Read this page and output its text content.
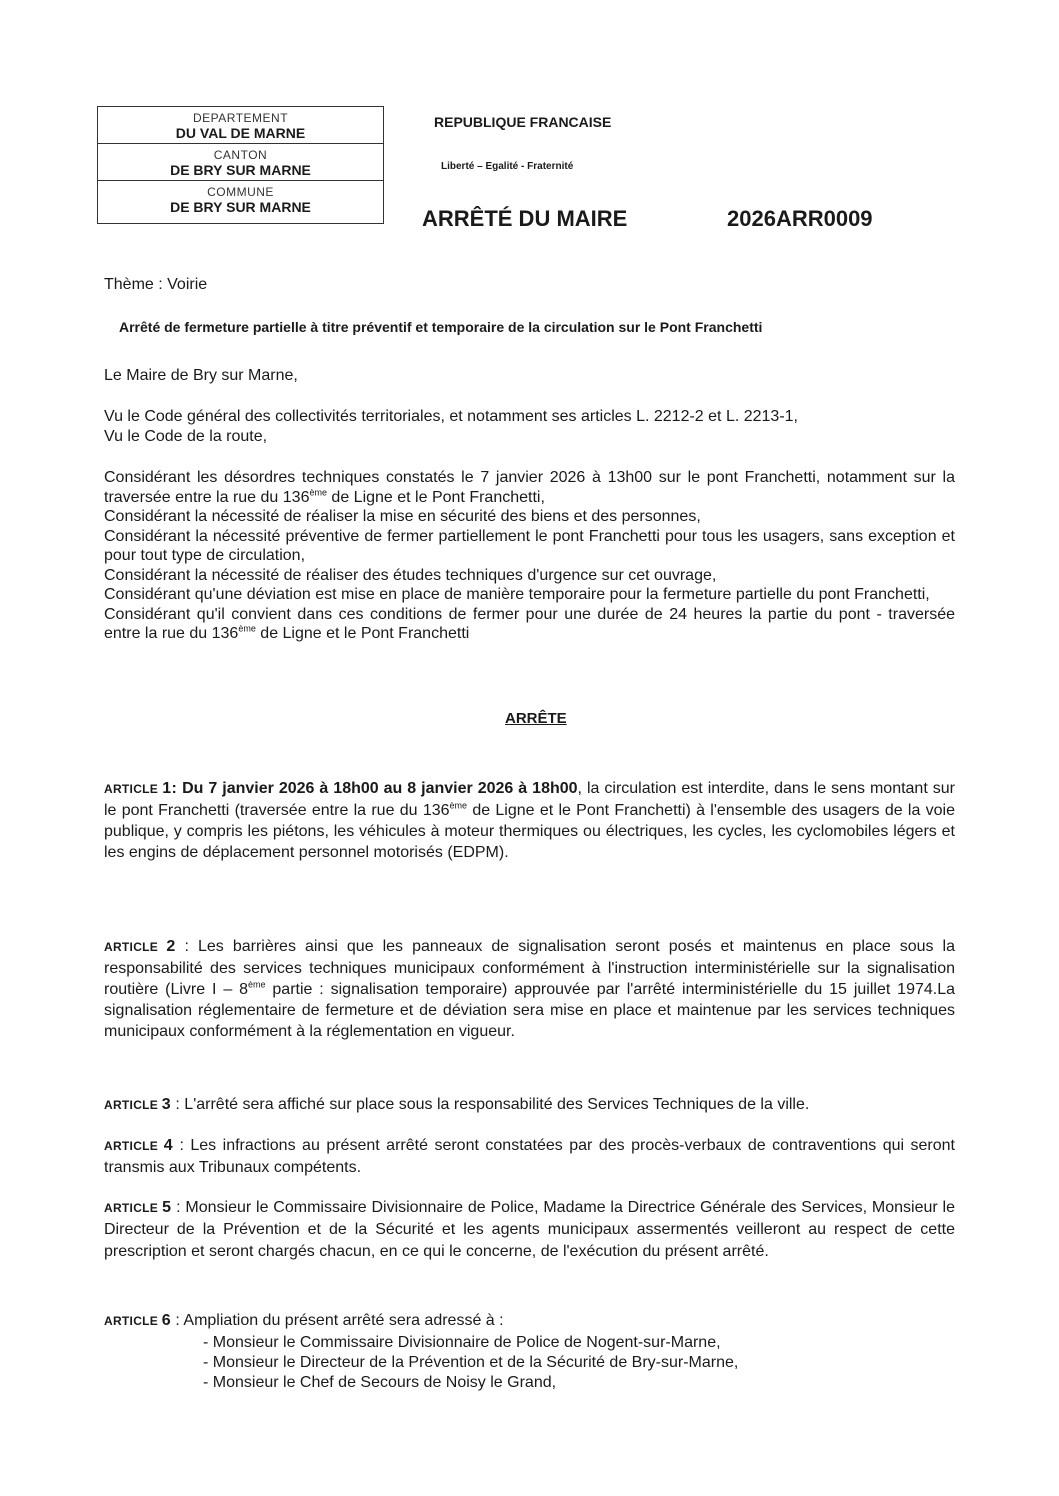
DEPARTEMENT
DU VAL DE MARNE
CANTON
DE BRY SUR MARNE
COMMUNE
DE BRY SUR MARNE
REPUBLIQUE FRANCAISE
Liberté – Egalité - Fraternité
ARRÊTÉ DU MAIRE	2026ARR0009
Thème : Voirie
Arrêté de fermeture partielle à titre préventif et temporaire de la circulation sur le Pont Franchetti

Le Maire de Bry sur Marne,

Vu le Code général des collectivités territoriales, et notamment ses articles L. 2212-2 et L. 2213-1,

Vu le Code de la route,

Considérant les désordres techniques constatés le 7 janvier 2026 à 13h00 sur le pont Franchetti, notamment sur la traversée entre la rue du 136ème de Ligne et le Pont Franchetti,

Considérant la nécessité de réaliser la mise en sécurité des biens et des personnes,

Considérant la nécessité préventive de fermer partiellement le pont Franchetti pour tous les usagers, sans exception et pour tout type de circulation,

Considérant la nécessité de réaliser des études techniques d'urgence sur cet ouvrage,

Considérant qu'une déviation est mise en place de manière temporaire pour la fermeture partielle du pont Franchetti,

Considérant qu'il convient dans ces conditions de fermer pour une durée de 24 heures la partie du pont - traversée entre la rue du 136ème de Ligne et le Pont Franchetti

ARRÊTE

ARTICLE 1: Du 7 janvier 2026 à 18h00 au 8 janvier 2026 à 18h00, la circulation est interdite, dans le sens montant sur le pont Franchetti (traversée entre la rue du 136ème de Ligne et le Pont Franchetti) à l'ensemble des usagers de la voie publique, y compris les piétons, les véhicules à moteur thermiques ou électriques, les cycles, les cyclomobiles légers et les engins de déplacement personnel motorisés (EDPM).

ARTICLE 2 : Les barrières ainsi que les panneaux de signalisation seront posés et maintenus en place sous la responsabilité des services techniques municipaux conformément à l'instruction interministérielle sur la signalisation routière (Livre I – 8ème partie : signalisation temporaire) approuvée par l'arrêté interministérielle du 15 juillet 1974.La signalisation réglementaire de fermeture et de déviation sera mise en place et maintenue par les services techniques municipaux conformément à la réglementation en vigueur.

ARTICLE 3 : L'arrêté sera affiché sur place sous la responsabilité des Services Techniques de la ville.

ARTICLE 4 : Les infractions au présent arrêté seront constatées par des procès-verbaux de contraventions qui seront transmis aux Tribunaux compétents.

ARTICLE 5 : Monsieur le Commissaire Divisionnaire de Police, Madame la Directrice Générale des Services, Monsieur le Directeur de la Prévention et de la Sécurité et les agents municipaux assermentés veilleront au respect de cette prescription et seront chargés chacun, en ce qui le concerne, de l'exécution du présent arrêté.

ARTICLE 6 : Ampliation du présent arrêté sera adressé à :

- Monsieur le Commissaire Divisionnaire de Police de Nogent-sur-Marne,
- Monsieur le Directeur de la Prévention et de la Sécurité de Bry-sur-Marne,
- Monsieur le Chef de Secours de Noisy le Grand,
